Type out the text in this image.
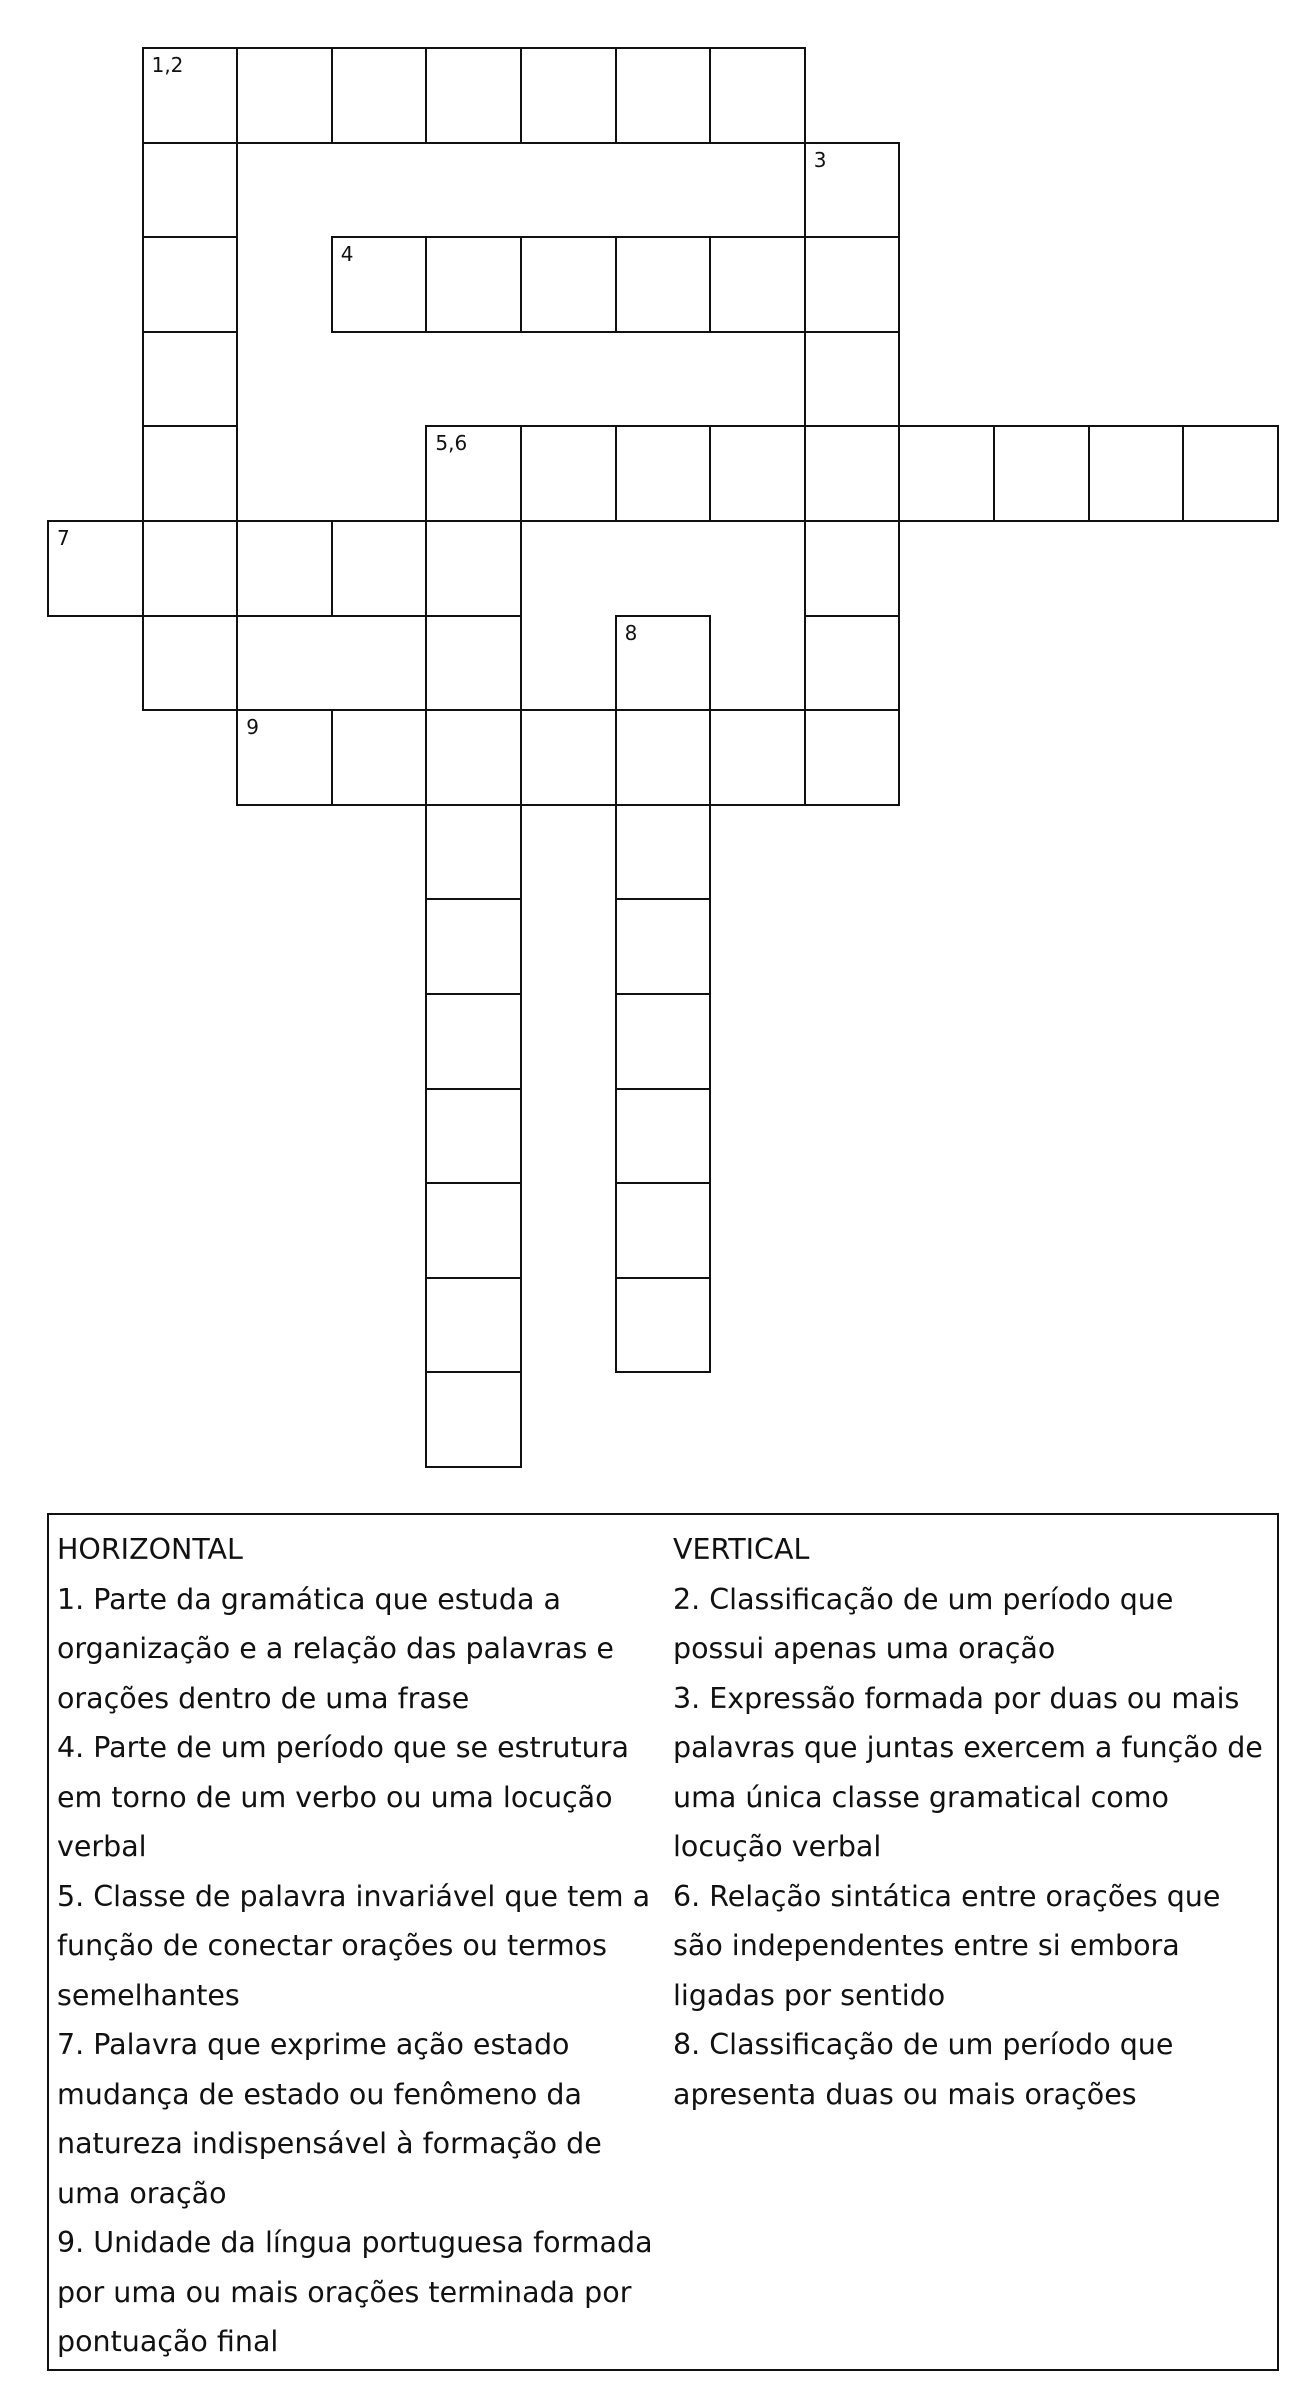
1,2
3
4
5,6
7
8
9

HORIZONTAL

1. Parte da gramática que estuda a organização e a relação das palavras e orações dentro de uma frase

4. Parte de um período que se estrutura em torno de um verbo ou uma locução verbal

5. Classe de palavra invariável que tem a função de conectar orações ou termos semelhantes

7. Palavra que exprime ação estado mudança de estado ou fenômeno da natureza indispensável à formação de uma oração

9. Unidade da língua portuguesa formada por uma ou mais orações terminada por pontuação final

VERTICAL

2. Classificação de um período que possui apenas uma oração

3. Expressão formada por duas ou mais palavras que juntas exercem a função de uma única classe gramatical como locução verbal

6. Relação sintática entre orações que são independentes entre si embora ligadas por sentido

8. Classificação de um período que apresenta duas ou mais orações
